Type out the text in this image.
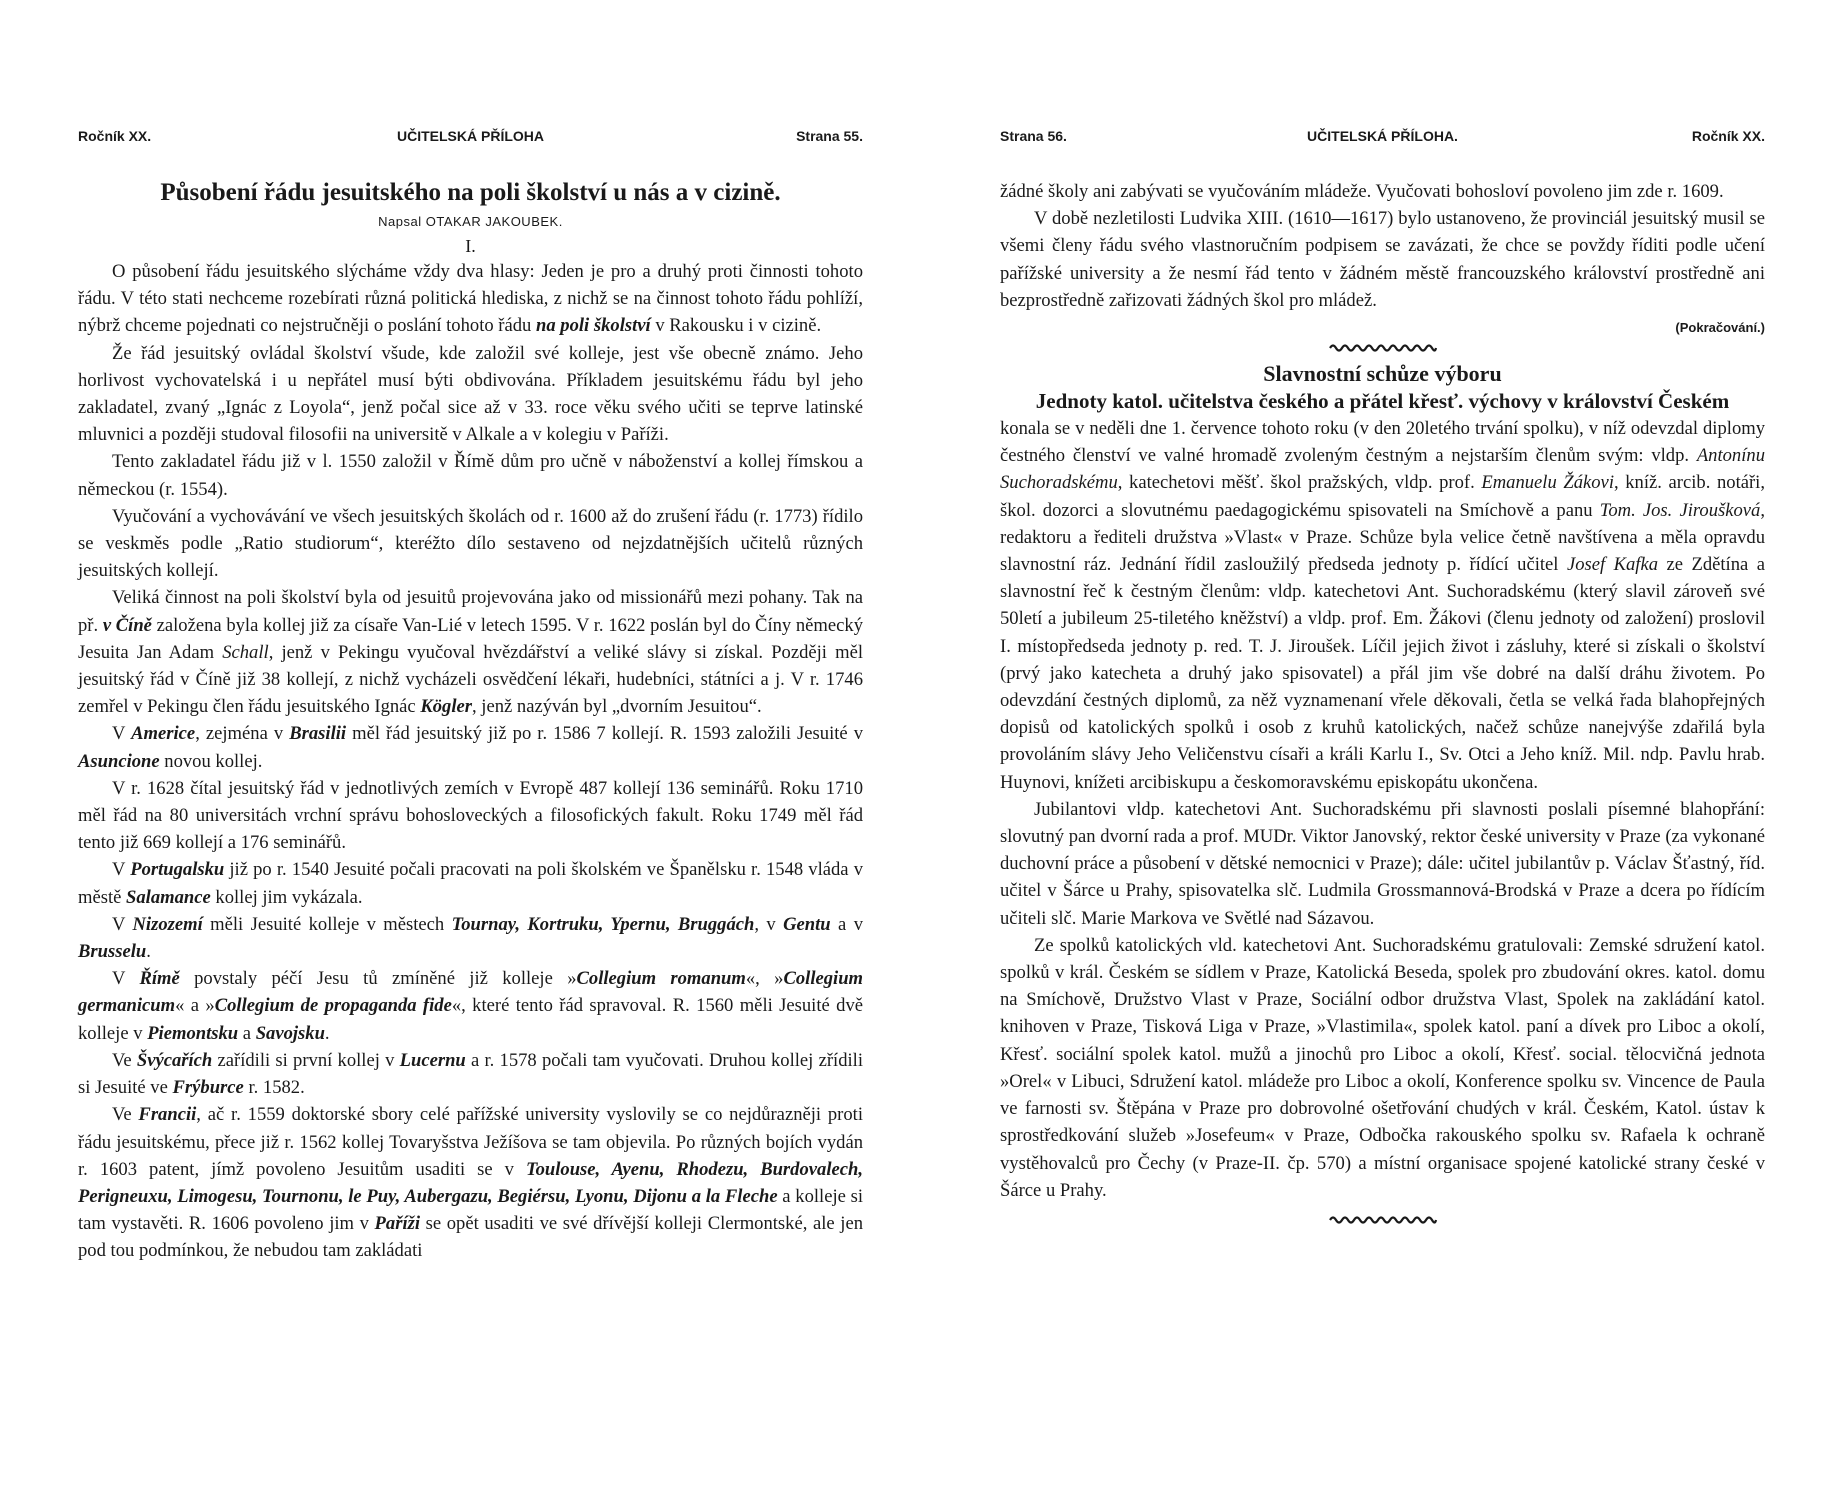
Ročník XX.	UČITELSKÁ PŘÍLOHA	Strana 55.
Působení řádu jesuitského na poli školství u nás a v cizině.

Napsal OTAKAR JAKOUBEK.

I.

O působení řádu jesuitského slýcháme vždy dva hlasy: Jeden je pro a druhý proti činnosti tohoto řádu. V této stati nechceme rozebírati různá politická hlediska, z nichž se na činnost tohoto řádu pohlíží, nýbrž chceme pojednati co nejstručněji o poslání tohoto řádu na poli školství v Rakousku i v cizině.

Že řád jesuitský ovládal školství všude, kde založil své kolleje, jest vše obecně známo. Jeho horlivost vychovatelská i u nepřátel musí býti obdivována. Příkladem jesuitskému řádu byl jeho zakladatel, zvaný „Ignác z Loyola“, jenž počal sice až v 33. roce věku svého učiti se teprve latinské mluvnici a později studoval filosofii na universitě v Alkale a v kolegiu v Paříži.

Tento zakladatel řádu již v l. 1550 založil v Římě dům pro učně v náboženství a kollej římskou a německou (r. 1554).

Vyučování a vychovávání ve všech jesuitských školách od r. 1600 až do zrušení řádu (r. 1773) řídilo se veskměs podle „Ratio studiorum“, kteréžto dílo sestaveno od nejzdatnějších učitelů různých jesuitských kollejí.

Veliká činnost na poli školství byla od jesuitů projevována jako od missionářů mezi pohany. Tak na př. v Číně založena byla kollej již za císaře Van-Lié v letech 1595. V r. 1622 poslán byl do Číny německý Jesuita Jan Adam Schall, jenž v Pekingu vyučoval hvězdářství a veliké slávy si získal. Později měl jesuitský řád v Číně již 38 kollejí, z nichž vycházeli osvědčení lékaři, hudebníci, státníci a j. V r. 1746 zemřel v Pekingu člen řádu jesuitského Ignác Kögler, jenž nazýván byl „dvorním Jesuitou“.

V Americe, zejména v Brasilii měl řád jesuitský již po r. 1586 7 kollejí. R. 1593 založili Jesuité v Asuncione novou kollej.

V r. 1628 čítal jesuitský řád v jednotlivých zemích v Evropě 487 kollejí 136 seminářů. Roku 1710 měl řád na 80 universitách vrchní správu bohosloveckých a filosofických fakult. Roku 1749 měl řád tento již 669 kollejí a 176 seminářů.

V Portugalsku již po r. 1540 Jesuité počali pracovati na poli školském ve Španělsku r. 1548 vláda v městě Salamance kollej jim vykázala.

V Nizozemí měli Jesuité kolleje v městech Tournay, Kortruku, Ypernu, Bruggách, v Gentu a v Brusselu.

V Římě povstaly péčí Jesu tů zmíněné již kolleje »Collegium romanum«, »Collegium germanicum« a »Collegium de propaganda fide«, které tento řád spravoval. R. 1560 měli Jesuité dvě kolleje v Piemontsku a Savojsku.

Ve Švýcařích zařídili si první kollej v Lucernu a r. 1578 počali tam vyučovati. Druhou kollej zřídili si Jesuité ve Frýburce r. 1582.

Ve Francii, ač r. 1559 doktorské sbory celé pařížské university vyslovily se co nejdůrazněji proti řádu jesuitskému, přece již r. 1562 kollej Tovaryšstva Ježíšova se tam objevila. Po různých bojích vydán r. 1603 patent, jímž povoleno Jesuitům usaditi se v Toulouse, Ayenu, Rhodezu, Burdovalech, Perigneuxu, Limogesu, Tournonu, le Puy, Aubergazu, Begiérsu, Lyonu, Dijonu a la Fleche a kolleje si tam vystavěti. R. 1606 povoleno jim v Paříži se opět usaditi ve své dřívější kolleji Clermontské, ale jen pod tou podmínkou, že nebudou tam zakládati

Strana 56.	UČITELSKÁ PŘÍLOHA.	Ročník XX.

žádné školy ani zabývati se vyučováním mládeže. Vyučovati bohosloví povoleno jim zde r. 1609.

V době nezletilosti Ludvika XIII. (1610—1617) bylo ustanoveno, že provinciál jesuitský musil se všemi členy řádu svého vlastnoručním podpisem se zavázati, že chce se povždy říditi podle učení pařížské university a že nesmí řád tento v žádném městě francouzského království prostředně ani bezprostředně zařizovati žádných škol pro mládež.

(Pokračování.)
Slavnostní schůze výboru
Jednoty katol. učitelstva českého a přátel křesť. výchovy v království Českém

konala se v neděli dne 1. července tohoto roku (v den 20letého trvání spolku), v níž odevzdal diplomy čestného členství ve valné hromadě zvoleným čestným a nejstarším členům svým: vldp. Antonínu Suchoradskému, katechetovi měšť. škol pražských, vldp. prof. Emanuelu Žákovi, kníž. arcib. notáři, škol. dozorci a slovutnému paedagogickému spisovateli na Smíchově a panu Tom. Jos. Jiroušková, redaktoru a řediteli družstva »Vlast« v Praze. Schůze byla velice četně navštívena a měla opravdu slavnostní ráz. Jednání řídil zasloužilý předseda jednoty p. řídící učitel Josef Kafka ze Zdětína a slavnostní řeč k čestným členům: vldp. katechetovi Ant. Suchoradskému (který slavil zároveň své 50letí a jubileum 25-tiletého kněžství) a vldp. prof. Em. Žákovi (členu jednoty od založení) proslovil I. místopředseda jednoty p. red. T. J. Jiroušek. Líčil jejich život i zásluhy, které si získali o školství (prvý jako katecheta a druhý jako spisovatel) a přál jim vše dobré na další dráhu životem. Po odevzdání čestných diplomů, za něž vyznamenaní vřele děkovali, četla se velká řada blahopřejných dopisů od katolických spolků i osob z kruhů katolických, načež schůze nanejvýše zdařilá byla provoláním slávy Jeho Veličenstvu císaři a králi Karlu I., Sv. Otci a Jeho kníž. Mil. ndp. Pavlu hrab. Huynovi, knížeti arcibiskupu a českomoravskému episkopátu ukončena.

Jubilantovi vldp. katechetovi Ant. Suchoradskému při slavnosti poslali písemné blahopřání: slovutný pan dvorní rada a prof. MUDr. Viktor Janovský, rektor české university v Praze (za vykonané duchovní práce a působení v dětské nemocnici v Praze); dále: učitel jubilantův p. Václav Šťastný, říd. učitel v Šárce u Prahy, spisovatelka slč. Ludmila Grossmannová-Brodská v Praze a dcera po řídícím učiteli slč. Marie Markova ve Světlé nad Sázavou.

Ze spolků katolických vld. katechetovi Ant. Suchoradskému gratulovali: Zemské sdružení katol. spolků v král. Českém se sídlem v Praze, Katolická Beseda, spolek pro zbudování okres. katol. domu na Smíchově, Družstvo Vlast v Praze, Sociální odbor družstva Vlast, Spolek na zakládání katol. knihoven v Praze, Tisková Liga v Praze, »Vlastimila«, spolek katol. paní a dívek pro Liboc a okolí, Křesť. sociální spolek katol. mužů a jinochů pro Liboc a okolí, Křesť. social. tělocvičná jednota »Orel« v Libuci, Sdružení katol. mládeže pro Liboc a okolí, Konference spolku sv. Vincence de Paula ve farnosti sv. Štěpána v Praze pro dobrovolné ošetřování chudých v král. Českém, Katol. ústav k sprostředkování služeb »Josefeum« v Praze, Odbočka rakouského spolku sv. Rafaela k ochraně vystěhovalců pro Čechy (v Praze-II. čp. 570) a místní organisace spojené katolické strany české v Šárce u Prahy.
